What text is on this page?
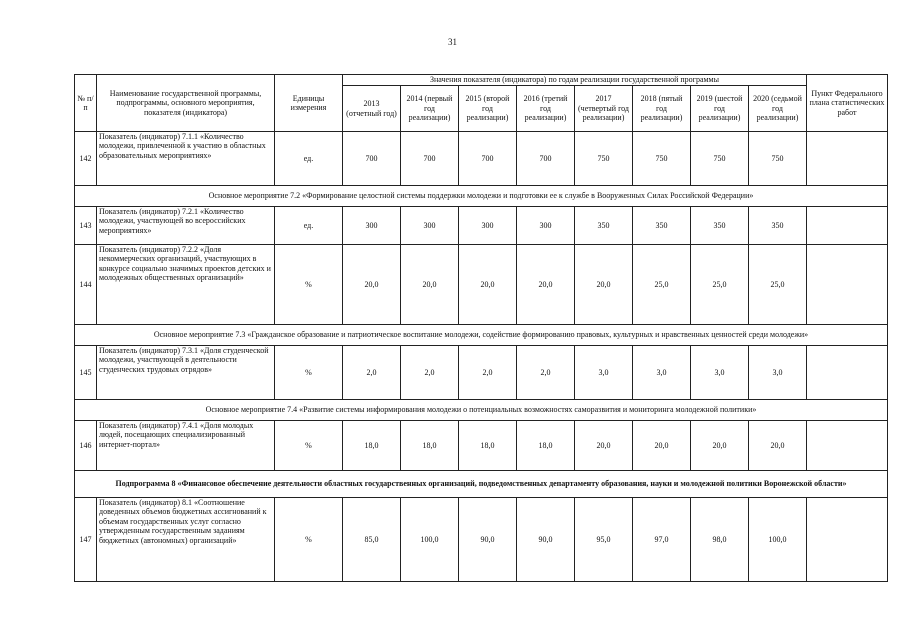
31
№ п/п	Наименование государственной программы, подпрограммы, основного мероприятия, показателя (индикатора)	Единицы измерения	Значения показателя (индикатора) по годам реализации государственной программы								Пункт Федерального плана статистических работ
			2013 (отчетный год)	2014 (первый год реализации)	2015 (второй год реализации)	2016 (третий год реализации)	2017 (четвертый год реализации)	2018 (пятый год реализации)	2019 (шестой год реализации)	2020 (седьмой год реализации)	
142	Показатель (индикатор) 7.1.1 «Количество молодежи, привлеченной к участию в областных образовательных мероприятиях»	ед.	700	700	700	700	750	750	750	750	
Основное мероприятие 7.2 «Формирование целостной системы поддержки молодежи и подготовки ее к службе в Вооруженных Силах Российской Федерации»											
143	Показатель (индикатор) 7.2.1 «Количество молодежи, участвующей во всероссийских мероприятиях»	ед.	300	300	300	300	350	350	350	350	
144	Показатель (индикатор) 7.2.2 «Доля некоммерческих организаций, участвующих в конкурсе социально значимых проектов детских и молодежных общественных организаций»	%	20,0	20,0	20,0	20,0	20,0	25,0	25,0	25,0	
Основное мероприятие 7.3 «Гражданское образование и патриотическое воспитание молодежи, содействие формированию правовых, культурных и нравственных ценностей среди молодежи»											
145	Показатель (индикатор) 7.3.1 «Доля студенческой молодежи, участвующей в деятельности студенческих трудовых отрядов»	%	2,0	2,0	2,0	2,0	3,0	3,0	3,0	3,0	
Основное мероприятие 7.4 «Развитие системы информирования молодежи о потенциальных возможностях саморазвития и мониторинга молодежной политики»											
146	Показатель (индикатор) 7.4.1 «Доля молодых людей, посещающих специализированный интернет-портал»	%	18,0	18,0	18,0	18,0	20,0	20,0	20,0	20,0	
Подпрограмма 8 «Финансовое обеспечение деятельности областных государственных организаций, подведомственных департаменту образования, науки и молодежной политики Воронежской области»											
147	Показатель (индикатор) 8.1 «Соотношение доведенных объемов бюджетных ассигнований к объемам государственных услуг согласно утвержденным государственным заданиям бюджетных (автономных) организаций»	%	85,0	100,0	90,0	90,0	95,0	97,0	98,0	100,0	
